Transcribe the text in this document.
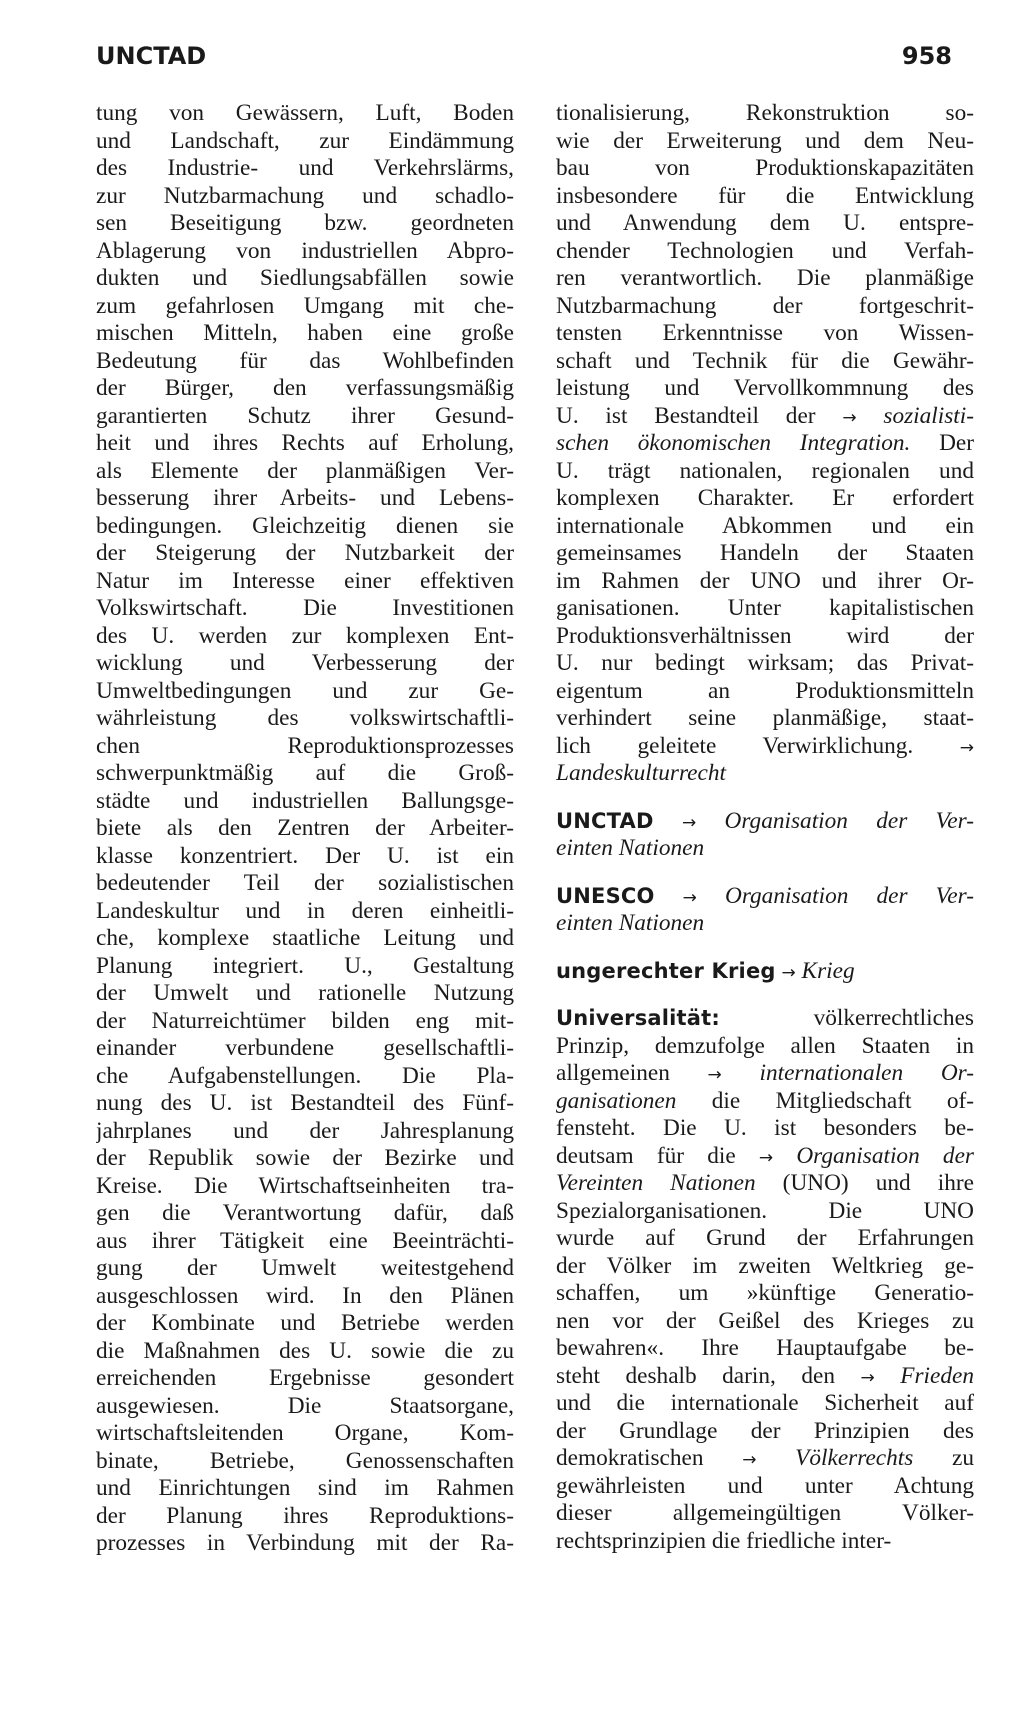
UNCTAD	958
tung von Gewässern, Luft, Boden
und Landschaft, zur Eindämmung
des Industrie- und Verkehrslärms,
zur Nutzbarmachung und schadlo-
sen Beseitigung bzw. geordneten
Ablagerung von industriellen Abpro-
dukten und Siedlungsabfällen sowie
zum gefahrlosen Umgang mit che-
mischen Mitteln, haben eine große
Bedeutung für das Wohlbefinden
der Bürger, den verfassungsmäßig
garantierten Schutz ihrer Gesund-
heit und ihres Rechts auf Erholung,
als Elemente der planmäßigen Ver-
besserung ihrer Arbeits- und Lebens-
bedingungen. Gleichzeitig dienen sie
der Steigerung der Nutzbarkeit der
Natur im Interesse einer effektiven
Volkswirtschaft. Die Investitionen
des U. werden zur komplexen Ent-
wicklung und Verbesserung der
Umweltbedingungen und zur Ge-
währleistung des volkswirtschaftli-
chen Reproduktionsprozesses
schwerpunktmäßig auf die Groß-
städte und industriellen Ballungsge-
biete als den Zentren der Arbeiter-
klasse konzentriert. Der U. ist ein
bedeutender Teil der sozialistischen
Landeskultur und in deren einheitli-
che, komplexe staatliche Leitung und
Planung integriert. U., Gestaltung
der Umwelt und rationelle Nutzung
der Naturreichtümer bilden eng mit-
einander verbundene gesellschaftli-
che Aufgabenstellungen. Die Pla-
nung des U. ist Bestandteil des Fünf-
jahrplanes und der Jahresplanung
der Republik sowie der Bezirke und
Kreise. Die Wirtschaftseinheiten tra-
gen die Verantwortung dafür, daß
aus ihrer Tätigkeit eine Beeinträchti-
gung der Umwelt weitestgehend
ausgeschlossen wird. In den Plänen
der Kombinate und Betriebe werden
die Maßnahmen des U. sowie die zu
erreichenden Ergebnisse gesondert
ausgewiesen. Die Staatsorgane,
wirtschaftsleitenden Organe, Kom-
binate, Betriebe, Genossenschaften
und Einrichtungen sind im Rahmen
der Planung ihres Reproduktions-
prozesses in Verbindung mit der Ra-
tionalisierung, Rekonstruktion so-
wie der Erweiterung und dem Neu-
bau von Produktionskapazitäten
insbesondere für die Entwicklung
und Anwendung dem U. entspre-
chender Technologien und Verfah-
ren verantwortlich. Die planmäßige
Nutzbarmachung der fortgeschrit-
tensten Erkenntnisse von Wissen-
schaft und Technik für die Gewähr-
leistung und Vervollkommnung des
U. ist Bestandteil der → sozialisti-
schen ökonomischen Integration. Der
U. trägt nationalen, regionalen und
komplexen Charakter. Er erfordert
internationale Abkommen und ein
gemeinsames Handeln der Staaten
im Rahmen der UNO und ihrer Or-
ganisationen. Unter kapitalistischen
Produktionsverhältnissen wird der
U. nur bedingt wirksam; das Privat-
eigentum an Produktionsmitteln
verhindert seine planmäßige, staat-
lich geleitete Verwirklichung. →
Landeskulturrecht
UNCTAD → Organisation der Ver-
einten Nationen
UNESCO → Organisation der Ver-
einten Nationen
ungerechter Krieg → Krieg
Universalität: völkerrechtliches
Prinzip, demzufolge allen Staaten in
allgemeinen → internationalen Or-
ganisationen die Mitgliedschaft of-
fensteht. Die U. ist besonders be-
deutsam für die → Organisation der
Vereinten Nationen (UNO) und ihre
Spezialorganisationen. Die UNO
wurde auf Grund der Erfahrungen
der Völker im zweiten Weltkrieg ge-
schaffen, um »künftige Generatio-
nen vor der Geißel des Krieges zu
bewahren«. Ihre Hauptaufgabe be-
steht deshalb darin, den → Frieden
und die internationale Sicherheit auf
der Grundlage der Prinzipien des
demokratischen → Völkerrechts zu
gewährleisten und unter Achtung
dieser allgemeingültigen Völker-
rechtsprinzipien die friedliche inter-
